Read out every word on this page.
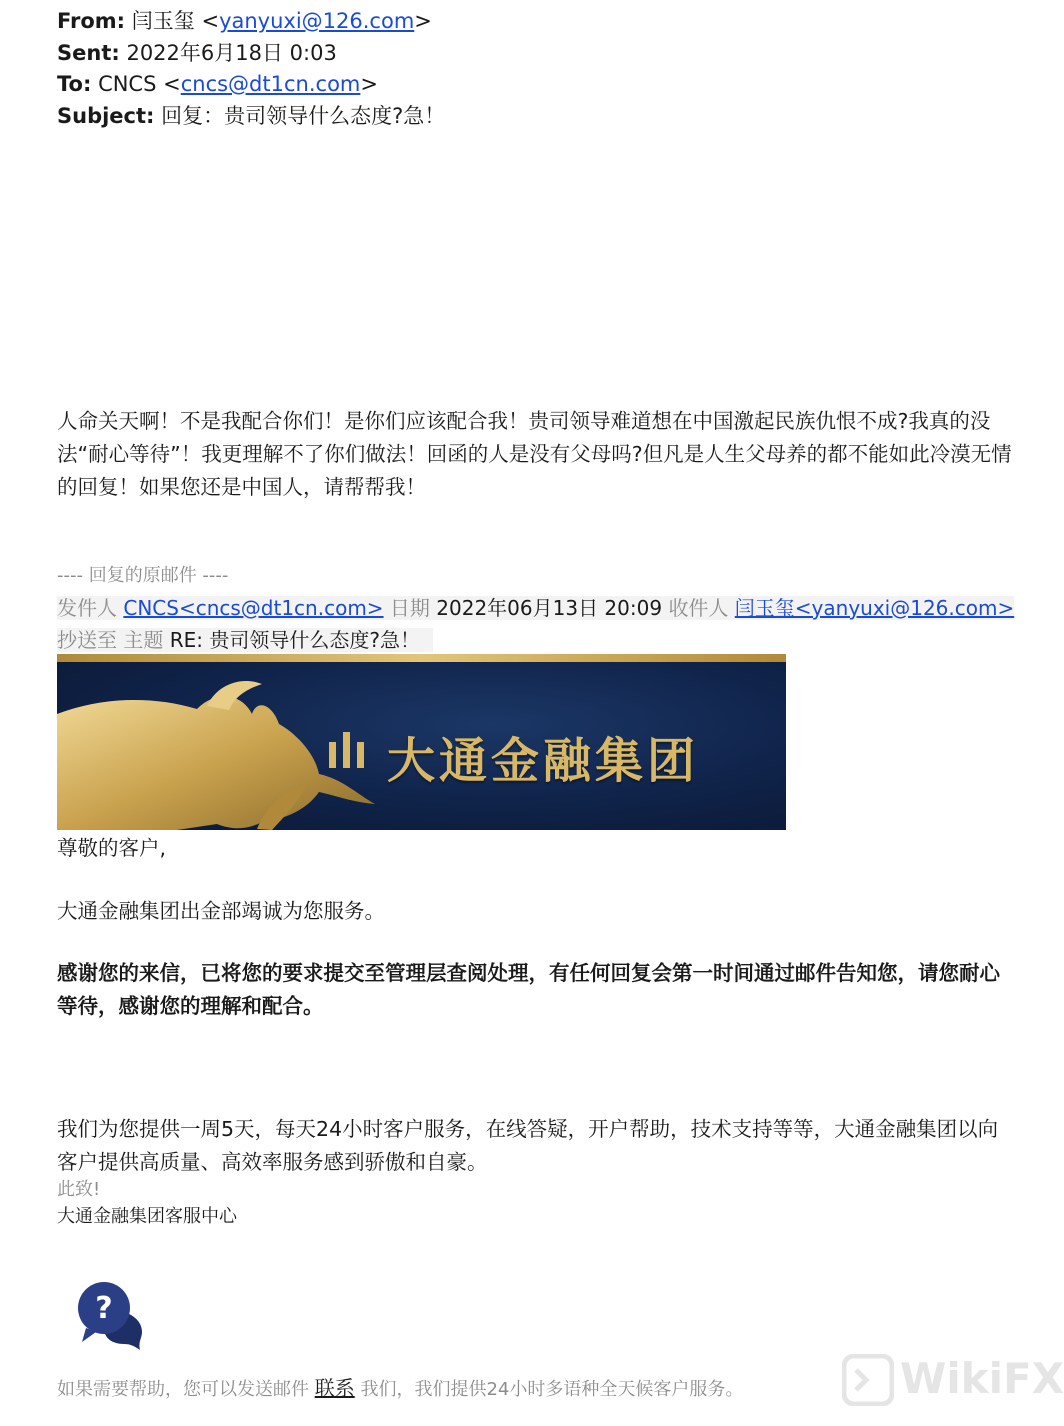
From: 闫玉玺 <yanyuxi@126.com>
Sent: 2022年6月18日 0:03
To: CNCS <cncs@dt1cn.com>
Subject: 回复：贵司领导什么态度?急！
人命关天啊！不是我配合你们！是你们应该配合我！贵司领导难道想在中国激起民族仇恨不成?我真的没法“耐心等待”！我更理解不了你们做法！回函的人是没有父母吗?但凡是人生父母养的都不能如此冷漠无情的回复！如果您还是中国人，请帮帮我！
---- 回复的原邮件 ----
发件人 CNCS<cncs@dt1cn.com> 日期 2022年06月13日 20:09 收件人 闫玉玺<yanyuxi@126.com>
抄送至 主题 RE: 贵司领导什么态度?急！
大通金融集团
尊敬的客户,
大通金融集团出金部竭诚为您服务。
感谢您的来信，已将您的要求提交至管理层查阅处理，有任何回复会第一时间通过邮件告知您，请您耐心等待，感谢您的理解和配合。
我们为您提供一周5天，每天24小时客户服务，在线答疑，开户帮助，技术支持等等，大通金融集团以向客户提供高质量、高效率服务感到骄傲和自豪。
此致!
大通金融集团客服中心
?
如果需要帮助，您可以发送邮件 联系 我们，我们提供24小时多语种全天候客户服务。	WikiFX
